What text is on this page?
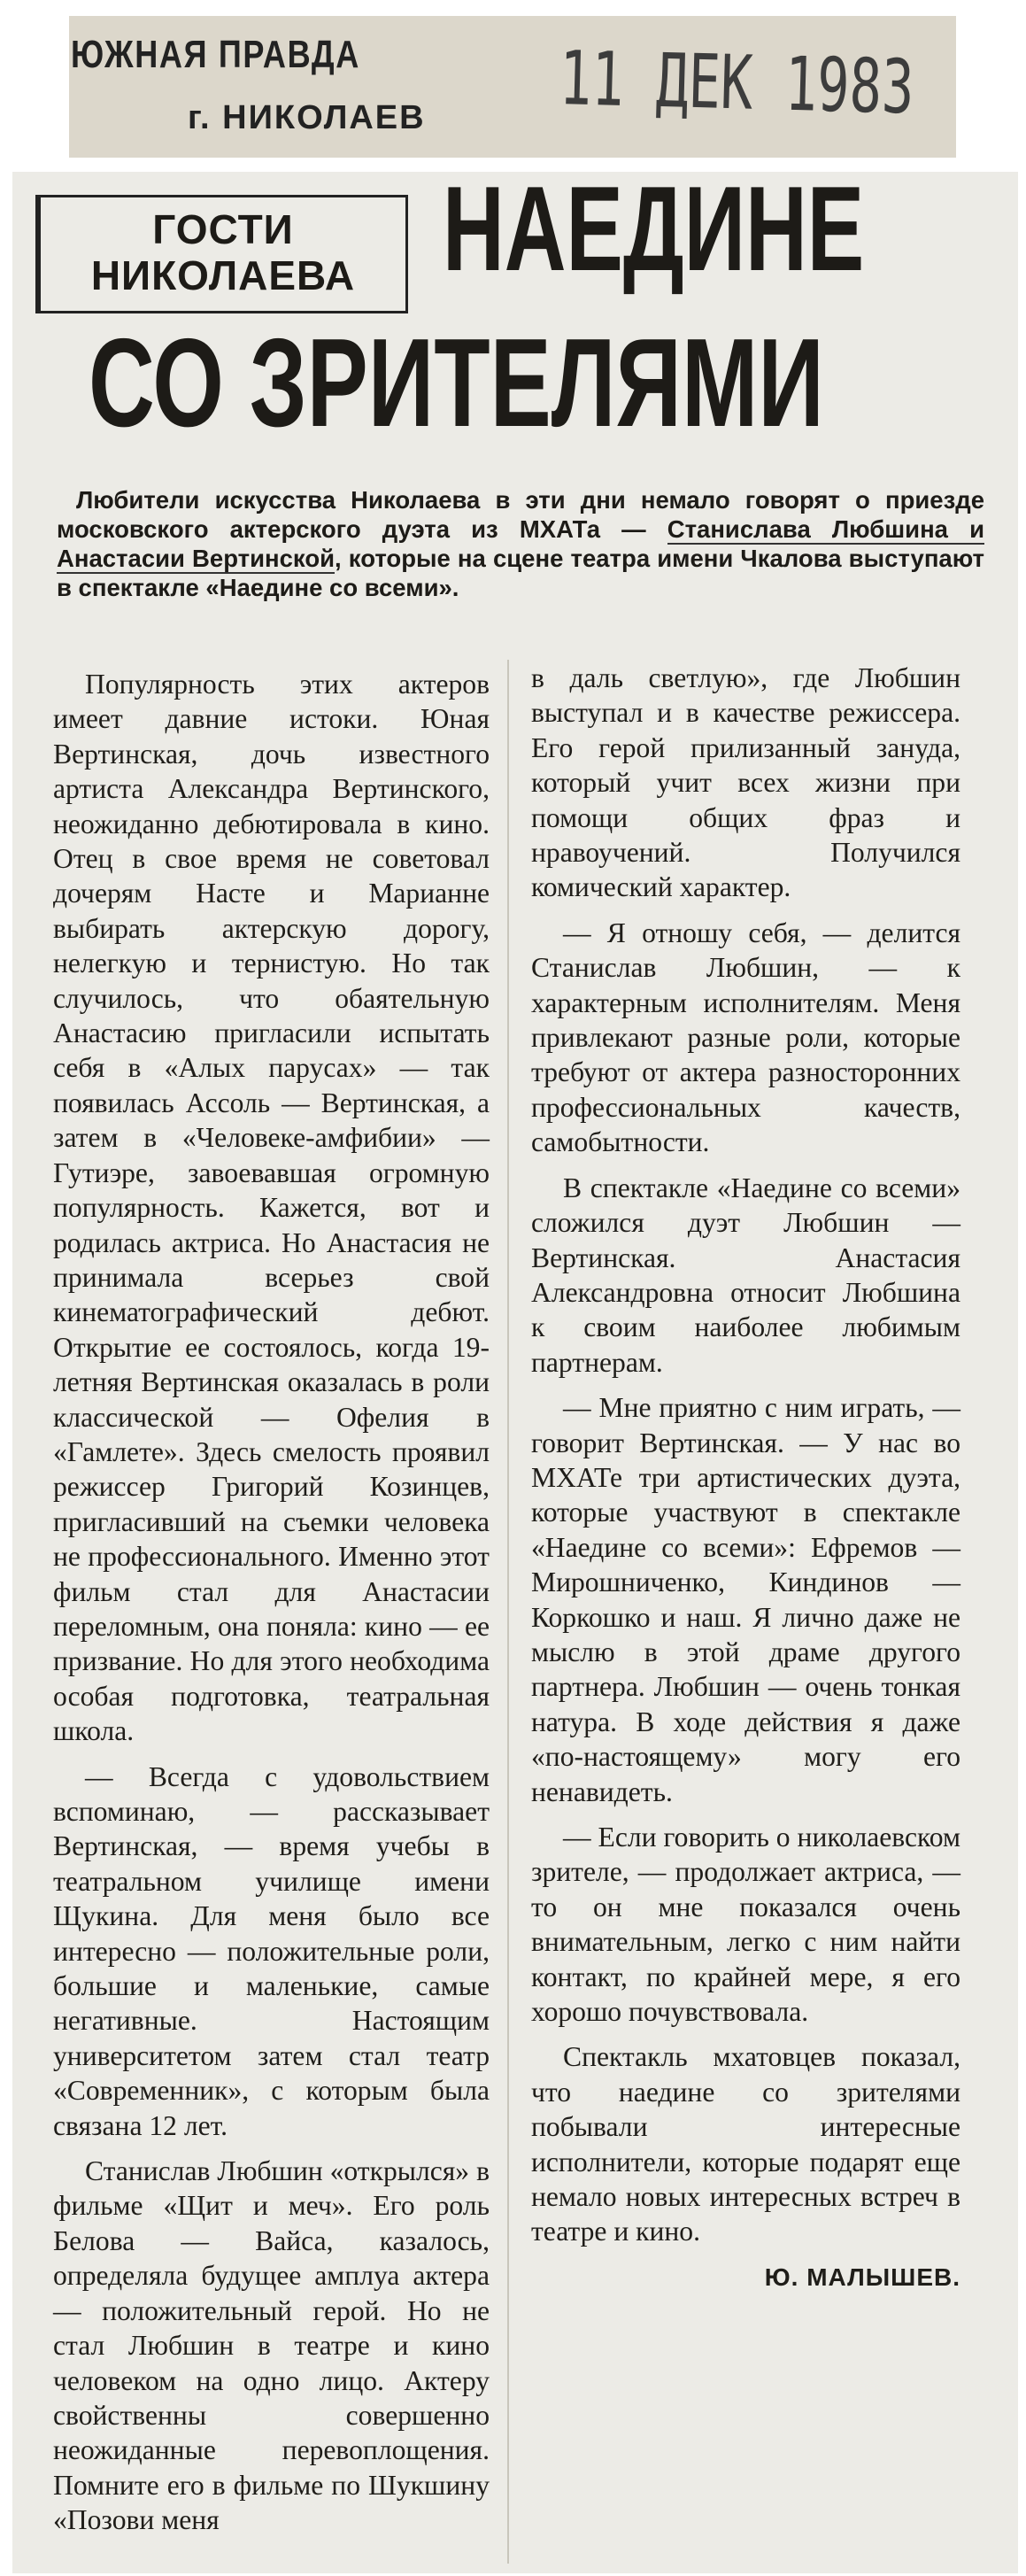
ЮЖНАЯ ПРАВДА
г. НИКОЛАЕВ 11 ДЕК 1983
ГОСТИ
НИКОЛАЕВА НАЕДИНЕ
СО ЗРИТЕЛЯМИ
Любители искусства Николаева в эти дни немало говорят о приезде московского актерского дуэта из МХАТа — Станислава Любшина и Анастасии Вертинской, которые на сцене театра имени Чкалова выступают в спектакле «Наедине со всеми».

Популярность этих актеров имеет давние истоки. Юная Вертинская, дочь известного артиста Александра Вертинского, неожиданно дебютировала в кино. Отец в свое время не советовал дочерям Насте и Марианне выбирать актерскую дорогу, нелегкую и тернистую. Но так случилось, что обаятельную Анастасию пригласили испытать себя в «Алых парусах» — так появилась Ассоль — Вертинская, а затем в «Человеке-амфибии» — Гутиэре, завоевавшая огромную популярность. Кажется, вот и родилась актриса. Но Анастасия не принимала всерьез свой кинематографический дебют. Открытие ее состоялось, когда 19-летняя Вертинская оказалась в роли классической — Офелия в «Гамлете». Здесь смелость проявил режиссер Григорий Козинцев, пригласивший на съемки человека не профессионального. Именно этот фильм стал для Анастасии переломным, она поняла: кино — ее призвание. Но для этого необходима особая подготовка, театральная школа.

— Всегда с удовольствием вспоминаю, — рассказывает Вертинская, — время учебы в театральном училище имени Щукина. Для меня было все интересно — положительные роли, большие и маленькие, самые негативные. Настоящим университетом затем стал театр «Современник», с которым была связана 12 лет.

Станислав Любшин «открылся» в фильме «Щит и меч». Его роль Белова — Вайса, казалось, определяла будущее амплуа актера — положительный герой. Но не стал Любшин в театре и кино человеком на одно лицо. Актеру свойственны совершенно неожиданные перевоплощения. Помните его в фильме по Шукшину «Позови меня

в даль светлую», где Любшин выступал и в качестве режиссера. Его герой прилизанный зануда, который учит всех жизни при помощи общих фраз и нравоучений. Получился комический характер.

— Я отношу себя, — делится Станислав Любшин, — к характерным исполнителям. Меня привлекают разные роли, которые требуют от актера разносторонних профессиональных качеств, самобытности.

В спектакле «Наедине со всеми» сложился дуэт Любшин — Вертинская. Анастасия Александровна относит Любшина к своим наиболее любимым партнерам.

— Мне приятно с ним играть, — говорит Вертинская. — У нас во МХАТе три артистических дуэта, которые участвуют в спектакле «Наедине со всеми»: Ефремов — Мирошниченко, Киндинов — Коркошко и наш. Я лично даже не мыслю в этой драме другого партнера. Любшин — очень тонкая натура. В ходе действия я даже «по-настоящему» могу его ненавидеть.

— Если говорить о николаевском зрителе, — продолжает актриса, — то он мне показался очень внимательным, легко с ним найти контакт, по крайней мере, я его хорошо почувствовала.

Спектакль мхатовцев показал, что наедине со зрителями побывали интересные исполнители, которые подарят еще немало новых интересных встреч в театре и кино.

Ю. МАЛЫШЕВ.
